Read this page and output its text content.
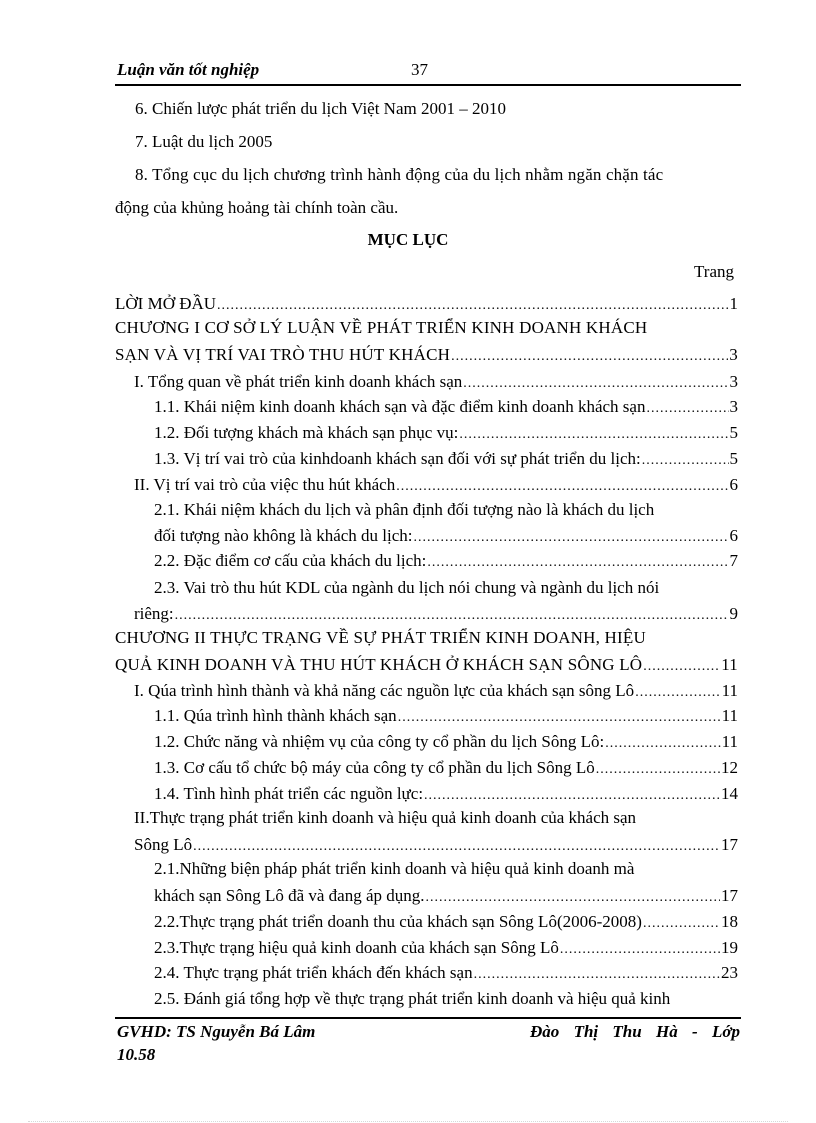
Luận văn tốt nghiệp	37
6. Chiến lược phát triển du lịch Việt Nam 2001 – 2010
7. Luật du lịch 2005
8. Tổng cục du lịch chương trình hành động của du lịch nhằm ngăn chặn tác
động của khủng hoảng tài chính toàn cầu.
MỤC LỤC
Trang
LỜI MỞ ĐẦU .....	1
CHƯƠNG I CƠ SỞ LÝ LUẬN VỀ PHÁT TRIỂN KINH DOANH KHÁCH
SẠN VÀ VỊ TRÍ VAI TRÒ THU HÚT KHÁCH .....	3
I. Tổng quan về phát triển kinh doanh khách sạn .....	3
1.1. Khái niệm kinh doanh khách sạn và đặc điểm kinh doanh khách sạn .....	3
1.2. Đối tượng khách mà khách sạn phục vụ: .....	5
1.3. Vị trí vai trò của kinhdoanh khách sạn đối với sự phát triển du lịch: .....	5
II. Vị trí vai trò của việc thu hút khách .....	6
2.1. Khái niệm khách du lịch và phân định đối tượng nào là khách du lịch
đối tượng nào không là khách du lịch: .....	6
2.2. Đặc điểm cơ cấu của khách du lịch: .....	7
2.3. Vai trò thu hút KDL của ngành du lịch nói chung và ngành du lịch nói
riêng: .....	9
CHƯƠNG II THỰC TRẠNG VỀ SỰ PHÁT TRIỂN KINH DOANH, HIỆU
QUẢ KINH DOANH VÀ THU HÚT KHÁCH Ở KHÁCH SẠN SÔNG LÔ .....	11
I. Qúa trình hình thành và khả năng các nguồn lực của khách sạn sông Lô .....	11
1.1. Qúa trình hình thành khách sạn .....	11
1.2. Chức năng và nhiệm vụ của công ty cổ phần du lịch Sông Lô: .....	11
1.3. Cơ cấu tổ chức bộ máy của công ty cổ phần du lịch Sông Lô .....	12
1.4. Tình hình phát triển các nguồn lực: .....	14
II.Thực trạng phát triển kinh doanh và hiệu quả kinh doanh của khách sạn
Sông Lô .....	17
2.1.Những biện pháp phát triển kinh doanh và hiệu quả kinh doanh mà
khách sạn Sông Lô đã và đang áp dụng. .....	17
2.2.Thực trạng phát triển doanh thu của khách sạn Sông Lô(2006-2008) .....	18
2.3.Thực trạng hiệu quả kinh doanh của khách sạn Sông Lô .....	19
2.4. Thực trạng phát triển khách đến khách sạn .....	23
2.5. Đánh giá tổng hợp về thực trạng phát triển kinh doanh và hiệu quả kinh
GVHD: TS Nguyễn Bá Lâm	Đào Thị Thu Hà - Lớp
10.58
